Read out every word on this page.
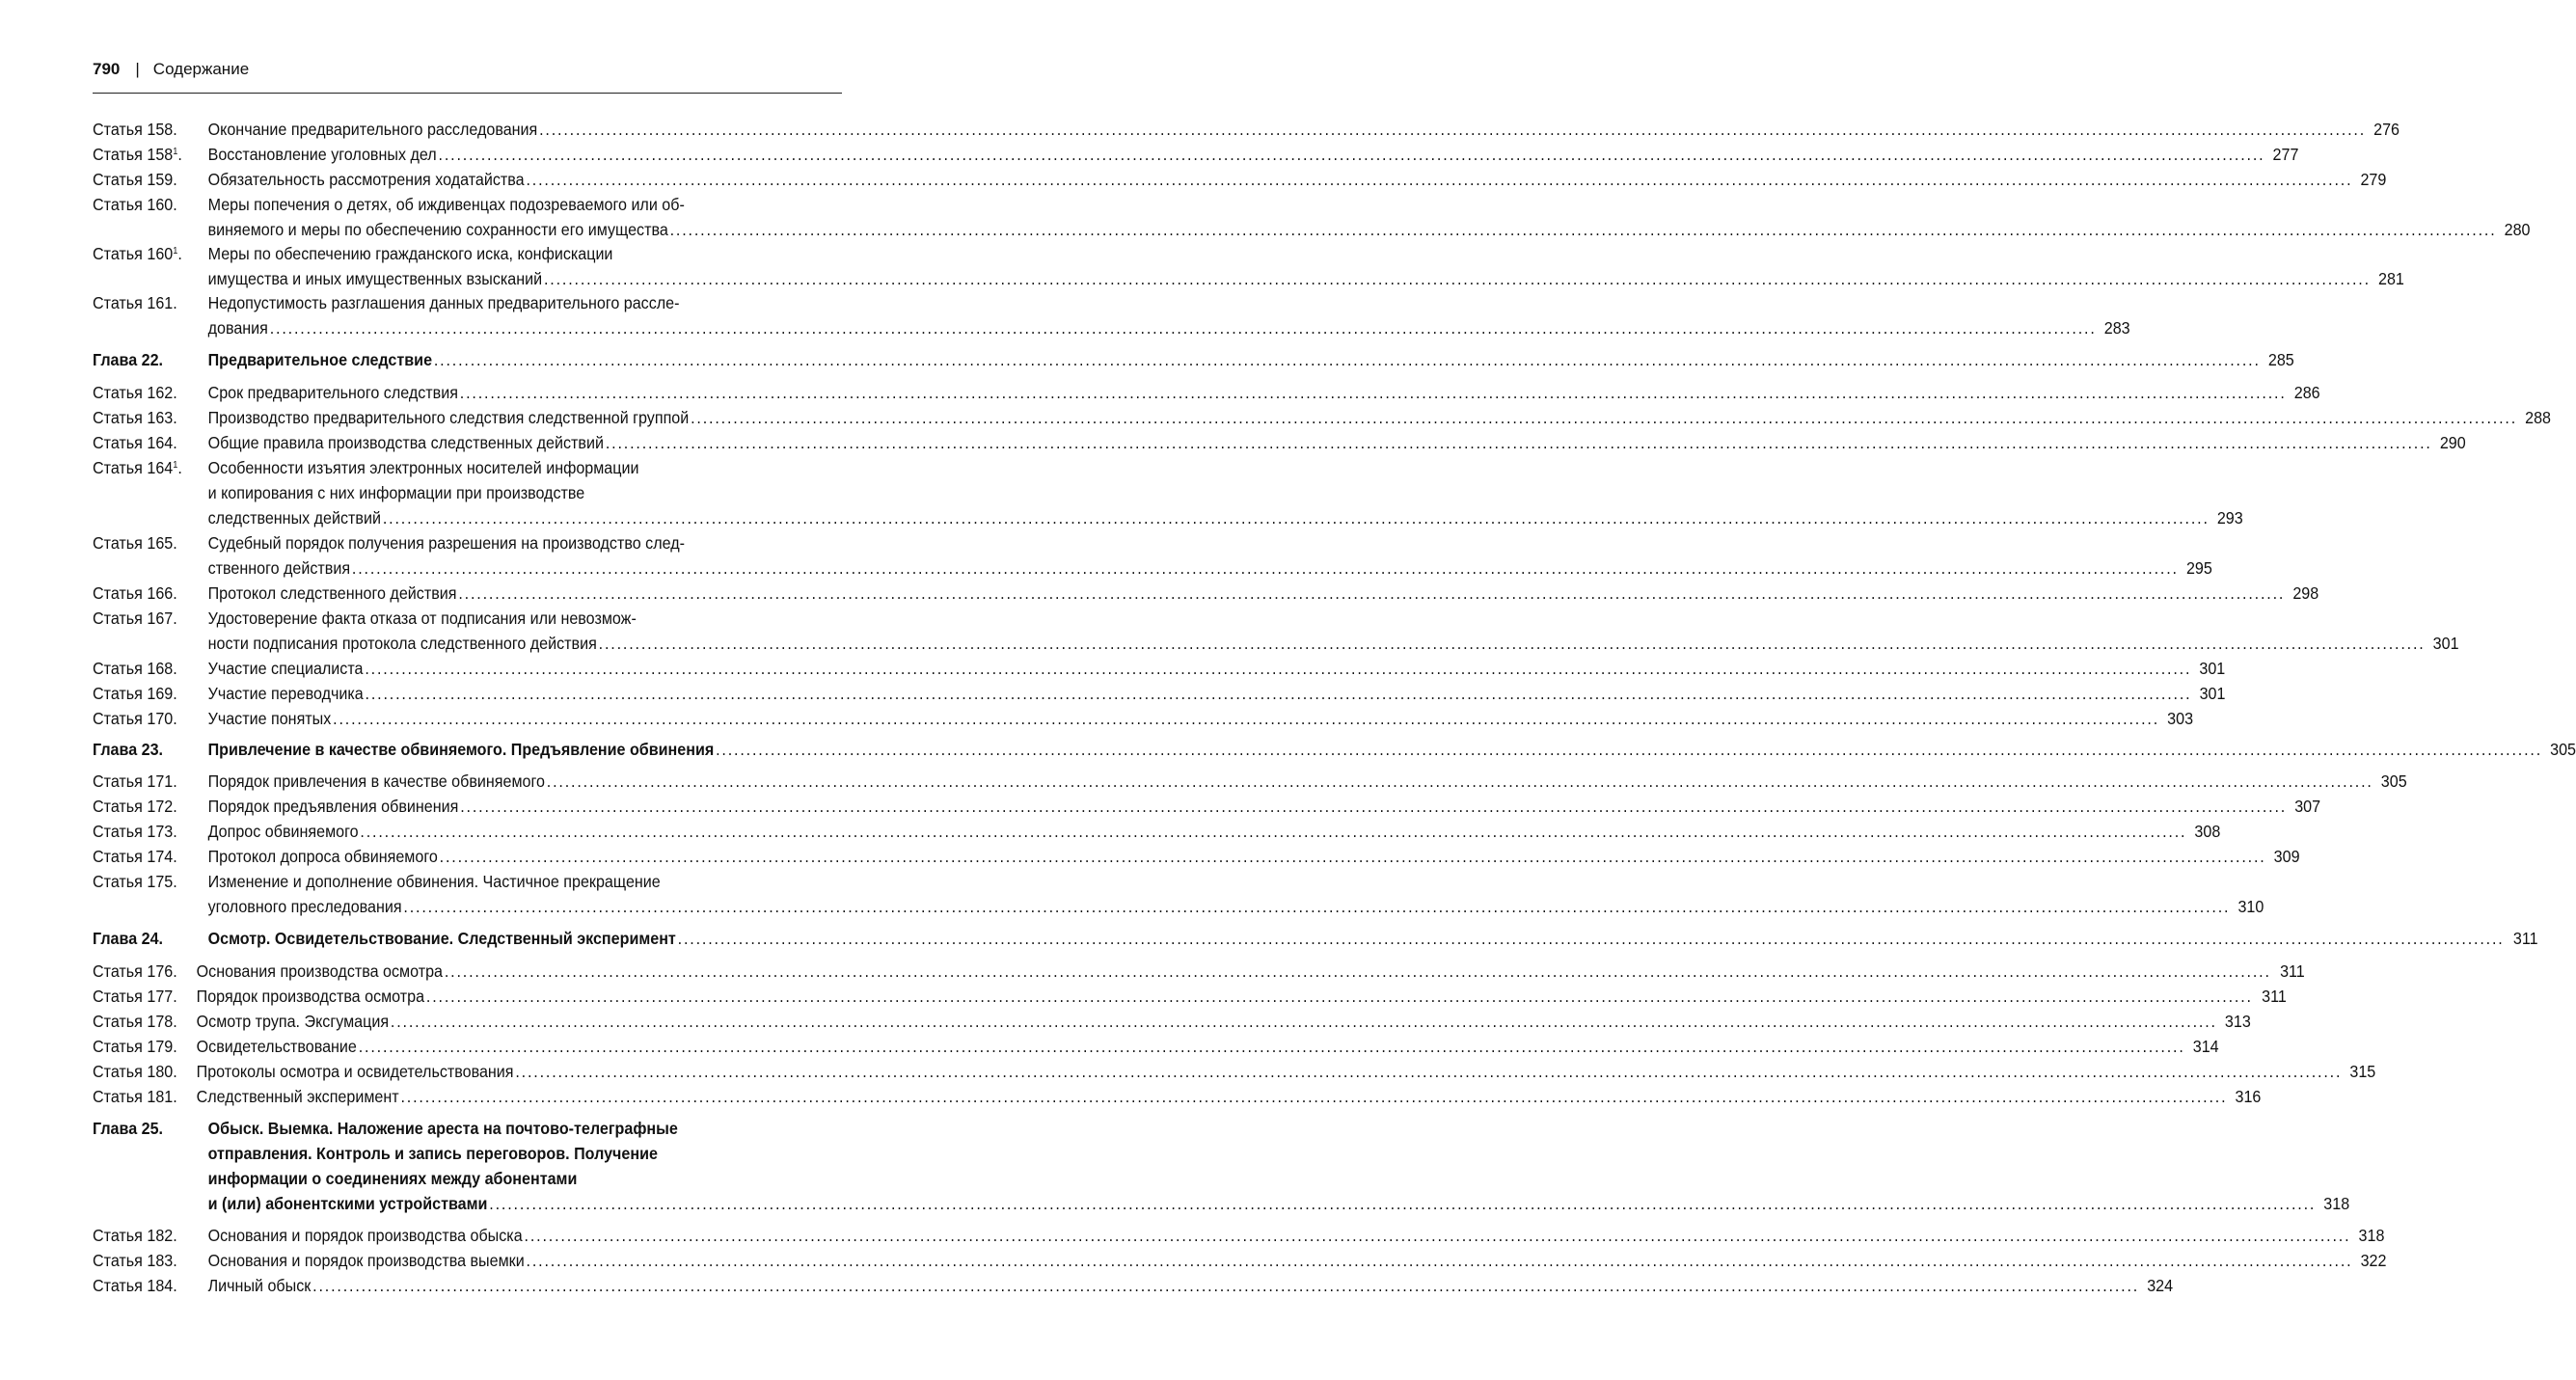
790 | Содержание
Статья 158.	Окончание предварительного расследования ............................................................................................................................................................................................................................................................................................................ 276
Статья $158^1$.	Восстановление уголовных дел ............................................................................................................................................................................................................................................................................................................ 277
Статья 159.	Обязательность рассмотрения ходатайства ............................................................................................................................................................................................................................................................................................................ 279
Статья 160.	Меры попечения о детях, об иждивенцах подозреваемого или об-
виняемого и меры по обеспечению сохранности его имущества ............................................................................................................................................................................................................................................................................................................ 280
Статья $160^1$.	Меры по обеспечению гражданского иска, конфискации
имущества и иных имущественных взысканий ............................................................................................................................................................................................................................................................................................................ 281
Статья 161.	Недопустимость разглашения данных предварительного рассле-
дования ............................................................................................................................................................................................................................................................................................................ 283
Глава 22.	Предварительное следствие ............................................................................................................................................................................................................................................................................................................ 285
Статья 162.	Срок предварительного следствия ............................................................................................................................................................................................................................................................................................................ 286
Статья 163.	Производство предварительного следствия следственной группой ............................................................................................................................................................................................................................................................................................................ 288
Статья 164.	Общие правила производства следственных действий ............................................................................................................................................................................................................................................................................................................ 290
Статья $164^1$.	Особенности изъятия электронных носителей информации
и копирования с них информации при производстве
следственных действий ............................................................................................................................................................................................................................................................................................................ 293
Статья 165.	Судебный порядок получения разрешения на производство след-
ственного действия ............................................................................................................................................................................................................................................................................................................ 295
Статья 166.	Протокол следственного действия ............................................................................................................................................................................................................................................................................................................ 298
Статья 167.	Удостоверение факта отказа от подписания или невозмож-
ности подписания протокола следственного действия ............................................................................................................................................................................................................................................................................................................ 301
Статья 168.	Участие специалиста ............................................................................................................................................................................................................................................................................................................ 301
Статья 169.	Участие переводчика ............................................................................................................................................................................................................................................................................................................ 301
Статья 170.	Участие понятых ............................................................................................................................................................................................................................................................................................................ 303
Глава 23.	Привлечение в качестве обвиняемого. Предъявление обвинения ............................................................................................................................................................................................................................................................................................................ 305
Статья 171.	Порядок привлечения в качестве обвиняемого ............................................................................................................................................................................................................................................................................................................ 305
Статья 172.	Порядок предъявления обвинения ............................................................................................................................................................................................................................................................................................................ 307
Статья 173.	Допрос обвиняемого ............................................................................................................................................................................................................................................................................................................ 308
Статья 174.	Протокол допроса обвиняемого ............................................................................................................................................................................................................................................................................................................ 309
Статья 175.	Изменение и дополнение обвинения. Частичное прекращение
уголовного преследования ............................................................................................................................................................................................................................................................................................................ 310
Глава 24.	Осмотр. Освидетельствование. Следственный эксперимент ............................................................................................................................................................................................................................................................................................................ 311
Статья 176.	Основания производства осмотра ............................................................................................................................................................................................................................................................................................................ 311
Статья 177.	Порядок производства осмотра ............................................................................................................................................................................................................................................................................................................ 311
Статья 178.	Осмотр трупа. Эксгумация ............................................................................................................................................................................................................................................................................................................ 313
Статья 179.	Освидетельствование ............................................................................................................................................................................................................................................................................................................ 314
Статья 180.	Протоколы осмотра и освидетельствования ............................................................................................................................................................................................................................................................................................................ 315
Статья 181.	Следственный эксперимент ............................................................................................................................................................................................................................................................................................................ 316
Глава 25.	Обыск. Выемка. Наложение ареста на почтово-телеграфные
отправления. Контроль и запись переговоров. Получение
информации о соединениях между абонентами
и (или) абонентскими устройствами ............................................................................................................................................................................................................................................................................................................ 318
Статья 182.	Основания и порядок производства обыска ............................................................................................................................................................................................................................................................................................................ 318
Статья 183.	Основания и порядок производства выемки ............................................................................................................................................................................................................................................................................................................ 322
Статья 184.	Личный обыск ............................................................................................................................................................................................................................................................................................................ 324
